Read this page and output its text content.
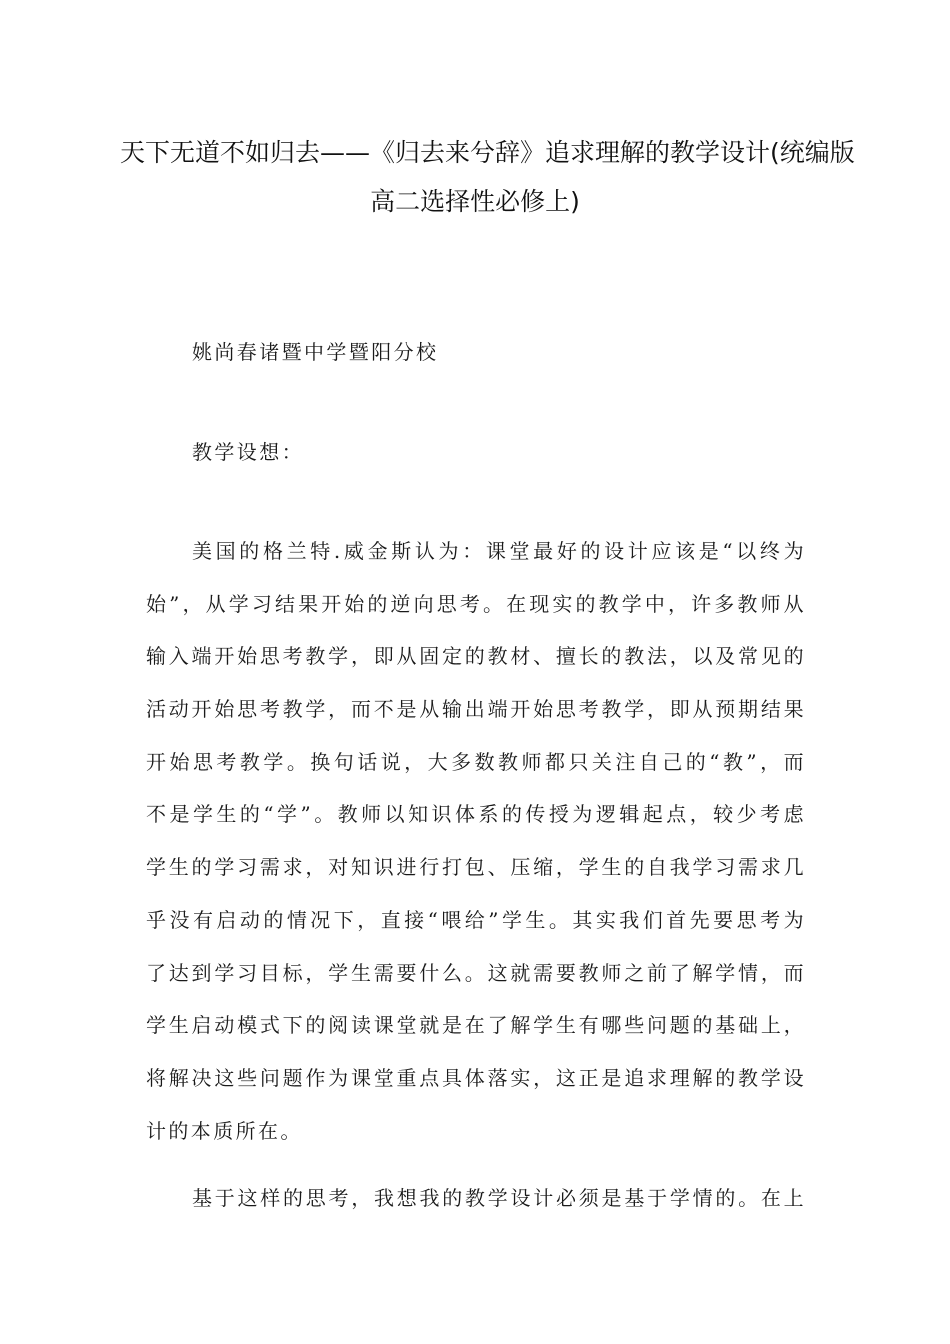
天下无道不如归去——《归去来兮辞》追求理解的教学设计(统编版
高二选择性必修上)
姚尚春诸暨中学暨阳分校
教学设想：
美国的格兰特.威金斯认为：课堂最好的设计应该是“以终为
始”，从学习结果开始的逆向思考。在现实的教学中，许多教师从
输入端开始思考教学，即从固定的教材、擅长的教法，以及常见的
活动开始思考教学，而不是从输出端开始思考教学，即从预期结果
开始思考教学。换句话说，大多数教师都只关注自己的“教”，而
不是学生的“学”。教师以知识体系的传授为逻辑起点，较少考虑
学生的学习需求，对知识进行打包、压缩，学生的自我学习需求几
乎没有启动的情况下，直接“喂给”学生。其实我们首先要思考为
了达到学习目标，学生需要什么。这就需要教师之前了解学情，而
学生启动模式下的阅读课堂就是在了解学生有哪些问题的基础上，
将解决这些问题作为课堂重点具体落实，这正是追求理解的教学设
计的本质所在。
基于这样的思考，我想我的教学设计必须是基于学情的。在上
